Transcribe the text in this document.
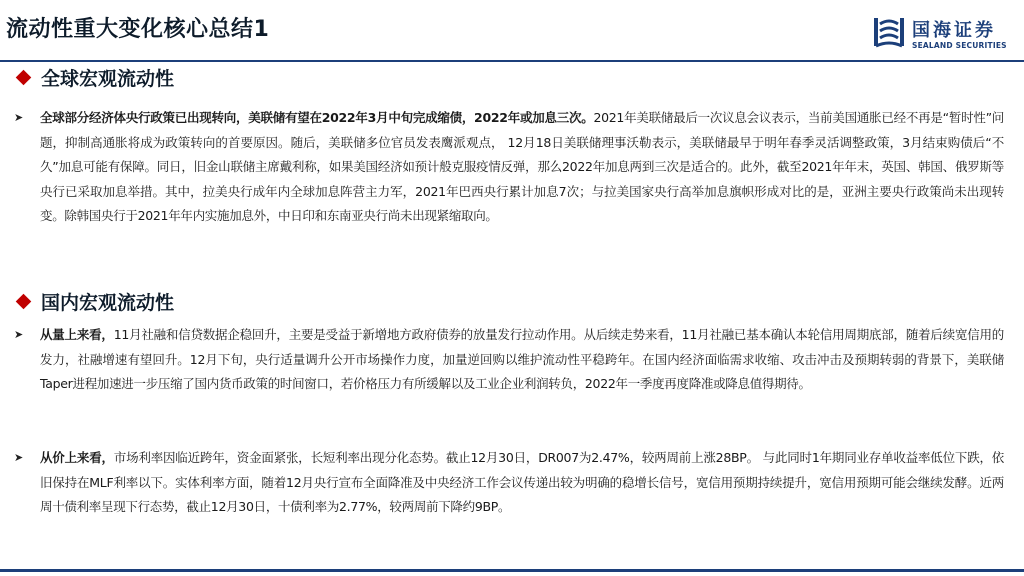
流动性重大变化核心总结1	国海证券
SEALAND SECURITIES
全球宏观流动性
➤ 全球部分经济体央行政策已出现转向，美联储有望在2022年3月中旬完成缩债，2022年或加息三次。2021年美联储最后一次议息会议表示，当前美国通胀已经不再是“暂时性”问题，抑制高通胀将成为政策转向的首要原因。随后，美联储多位官员发表鹰派观点， 12月18日美联储理事沃勒表示，美联储最早于明年春季灵活调整政策，3月结束购债后“不久”加息可能有保障。同日，旧金山联储主席戴利称，如果美国经济如预计般克服疫情反弹，那么2022年加息两到三次是适合的。此外，截至2021年年末，英国、韩国、俄罗斯等央行已采取加息举措。其中，拉美央行成年内全球加息阵营主力军，2021年巴西央行累计加息7次；与拉美国家央行高举加息旗帜形成对比的是，亚洲主要央行政策尚未出现转变。除韩国央行于2021年年内实施加息外，中日印和东南亚央行尚未出现紧缩取向。
国内宏观流动性
➤ 从量上来看，11月社融和信贷数据企稳回升，主要是受益于新增地方政府债券的放量发行拉动作用。从后续走势来看，11月社融已基本确认本轮信用周期底部，随着后续宽信用的发力，社融增速有望回升。12月下旬，央行适量调升公开市场操作力度，加量逆回购以维护流动性平稳跨年。在国内经济面临需求收缩、攻击冲击及预期转弱的背景下，美联储Taper进程加速进一步压缩了国内货币政策的时间窗口，若价格压力有所缓解以及工业企业利润转负，2022年一季度再度降准或降息值得期待。
➤ 从价上来看，市场利率因临近跨年，资金面紧张，长短利率出现分化态势。截止12月30日，DR007为2.47%，较两周前上涨28BP。 与此同时1年期同业存单收益率低位下跌，依旧保持在MLF利率以下。实体利率方面，随着12月央行宣布全面降准及中央经济工作会议传递出较为明确的稳增长信号，宽信用预期持续提升，宽信用预期可能会继续发酵。近两周十债利率呈现下行态势，截止12月30日，十债利率为2.77%，较两周前下降约9BP。
